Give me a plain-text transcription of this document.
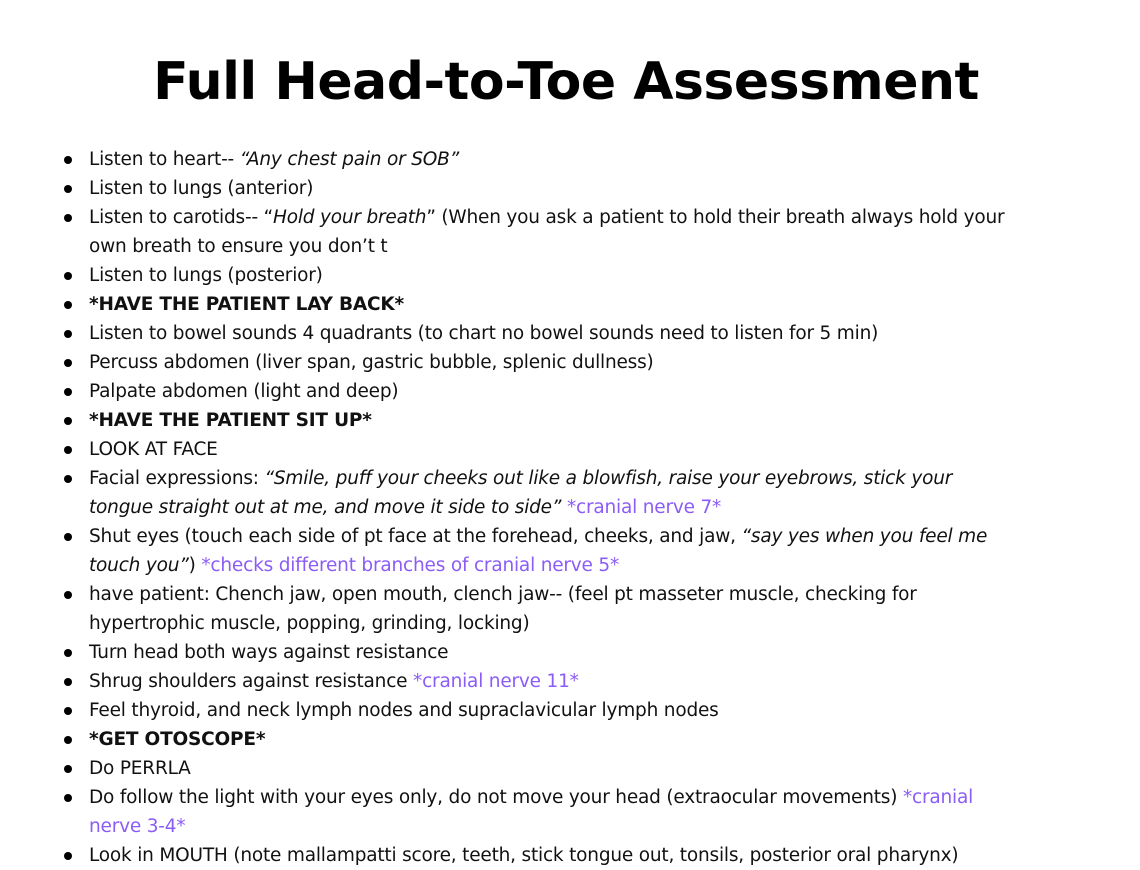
Full Head-to-Toe Assessment
Listen to heart-- “Any chest pain or SOB”
Listen to lungs (anterior)
Listen to carotids-- “Hold your breath” (When you ask a patient to hold their breath always hold your
own breath to ensure you don’t t
Listen to lungs (posterior)
*HAVE THE PATIENT LAY BACK*
Listen to bowel sounds 4 quadrants (to chart no bowel sounds need to listen for 5 min)
Percuss abdomen (liver span, gastric bubble, splenic dullness)
Palpate abdomen (light and deep)
*HAVE THE PATIENT SIT UP*
LOOK AT FACE
Facial expressions: “Smile, puff your cheeks out like a blowfish, raise your eyebrows, stick your
tongue straight out at me, and move it side to side” *cranial nerve 7*
Shut eyes (touch each side of pt face at the forehead, cheeks, and jaw, “say yes when you feel me
touch you”) *checks different branches of cranial nerve 5*
have patient: Chench jaw, open mouth, clench jaw-- (feel pt masseter muscle, checking for
hypertrophic muscle, popping, grinding, locking)
Turn head both ways against resistance
Shrug shoulders against resistance *cranial nerve 11*
Feel thyroid, and neck lymph nodes and supraclavicular lymph nodes
*GET OTOSCOPE*
Do PERRLA
Do follow the light with your eyes only, do not move your head (extraocular movements) *cranial
nerve 3-4*
Look in MOUTH (note mallampatti score, teeth, stick tongue out, tonsils, posterior oral pharynx)
